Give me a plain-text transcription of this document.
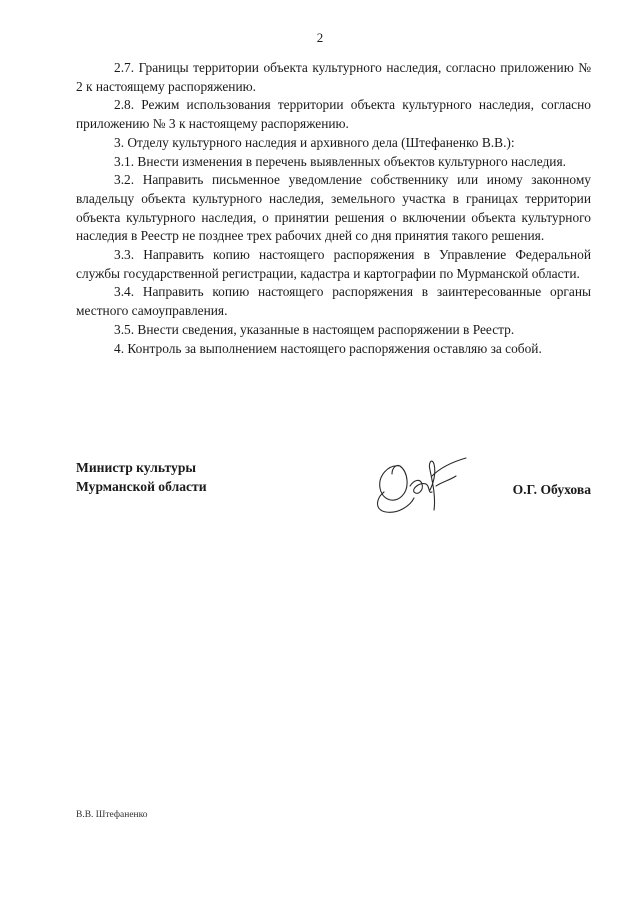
2

2.7. Границы территории объекта культурного наследия, согласно приложению № 2 к настоящему распоряжению.

2.8. Режим использования территории объекта культурного наследия, согласно приложению № 3 к настоящему распоряжению.

3. Отделу культурного наследия и архивного дела (Штефаненко В.В.):

3.1. Внести изменения в перечень выявленных объектов культурного наследия.

3.2. Направить письменное уведомление собственнику или иному законному владельцу объекта культурного наследия, земельного участка в границах территории объекта культурного наследия, о принятии решения о включении объекта культурного наследия в Реестр не позднее трех рабочих дней со дня принятия такого решения.

3.3. Направить копию настоящего распоряжения в Управление Федеральной службы государственной регистрации, кадастра и картографии по Мурманской области.

3.4. Направить копию настоящего распоряжения в заинтересованные органы местного самоуправления.

3.5. Внести сведения, указанные в настоящем распоряжении в Реестр.

4. Контроль за выполнением настоящего распоряжения оставляю за собой.

Министр культуры
Мурманской области	О.Г. Обухова
В.В. Штефаненко
